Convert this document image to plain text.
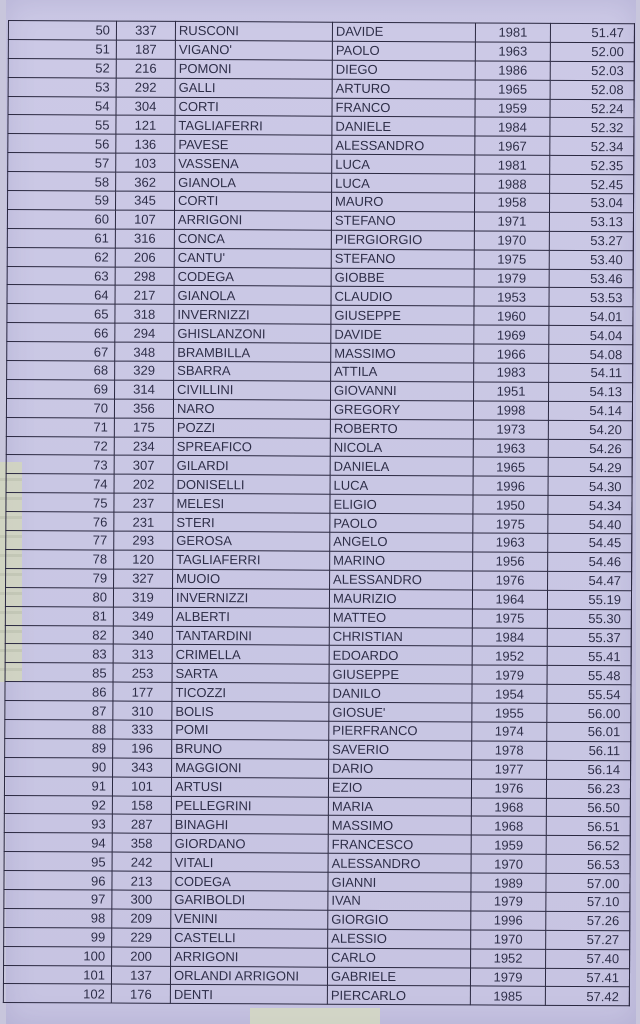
50	337	RUSCONI	DAVIDE	1981	51.47	
51	187	VIGANO'	PAOLO	1963	52.00	
52	216	POMONI	DIEGO	1986	52.03	
53	292	GALLI	ARTURO	1965	52.08	
54	304	CORTI	FRANCO	1959	52.24	
55	121	TAGLIAFERRI	DANIELE	1984	52.32	
56	136	PAVESE	ALESSANDRO	1967	52.34	
57	103	VASSENA	LUCA	1981	52.35	
58	362	GIANOLA	LUCA	1988	52.45	
59	345	CORTI	MAURO	1958	53.04	
60	107	ARRIGONI	STEFANO	1971	53.13	
61	316	CONCA	PIERGIORGIO	1970	53.27	
62	206	CANTU'	STEFANO	1975	53.40	
63	298	CODEGA	GIOBBE	1979	53.46	
64	217	GIANOLA	CLAUDIO	1953	53.53	
65	318	INVERNIZZI	GIUSEPPE	1960	54.01	
66	294	GHISLANZONI	DAVIDE	1969	54.04	
67	348	BRAMBILLA	MASSIMO	1966	54.08	
68	329	SBARRA	ATTILA	1983	54.11	
69	314	CIVILLINI	GIOVANNI	1951	54.13	
70	356	NARO	GREGORY	1998	54.14	
71	175	POZZI	ROBERTO	1973	54.20	
72	234	SPREAFICO	NICOLA	1963	54.26	
73	307	GILARDI	DANIELA	1965	54.29	
74	202	DONISELLI	LUCA	1996	54.30	
75	237	MELESI	ELIGIO	1950	54.34	
76	231	STERI	PAOLO	1975	54.40	
77	293	GEROSA	ANGELO	1963	54.45	
78	120	TAGLIAFERRI	MARINO	1956	54.46	
79	327	MUOIO	ALESSANDRO	1976	54.47	
80	319	INVERNIZZI	MAURIZIO	1964	55.19	
81	349	ALBERTI	MATTEO	1975	55.30	
82	340	TANTARDINI	CHRISTIAN	1984	55.37	
83	313	CRIMELLA	EDOARDO	1952	55.41	
85	253	SARTA	GIUSEPPE	1979	55.48	
86	177	TICOZZI	DANILO	1954	55.54	
87	310	BOLIS	GIOSUE'	1955	56.00	
88	333	POMI	PIERFRANCO	1974	56.01	
89	196	BRUNO	SAVERIO	1978	56.11	
90	343	MAGGIONI	DARIO	1977	56.14	
91	101	ARTUSI	EZIO	1976	56.23	
92	158	PELLEGRINI	MARIA	1968	56.50	
93	287	BINAGHI	MASSIMO	1968	56.51	
94	358	GIORDANO	FRANCESCO	1959	56.52	
95	242	VITALI	ALESSANDRO	1970	56.53	
96	213	CODEGA	GIANNI	1989	57.00	
97	300	GARIBOLDI	IVAN	1979	57.10	
98	209	VENINI	GIORGIO	1996	57.26	
99	229	CASTELLI	ALESSIO	1970	57.27	
100	200	ARRIGONI	CARLO	1952	57.40	
101	137	ORLANDI ARRIGONI	GABRIELE	1979	57.41	
102	176	DENTI	PIERCARLO	1985	57.42	
